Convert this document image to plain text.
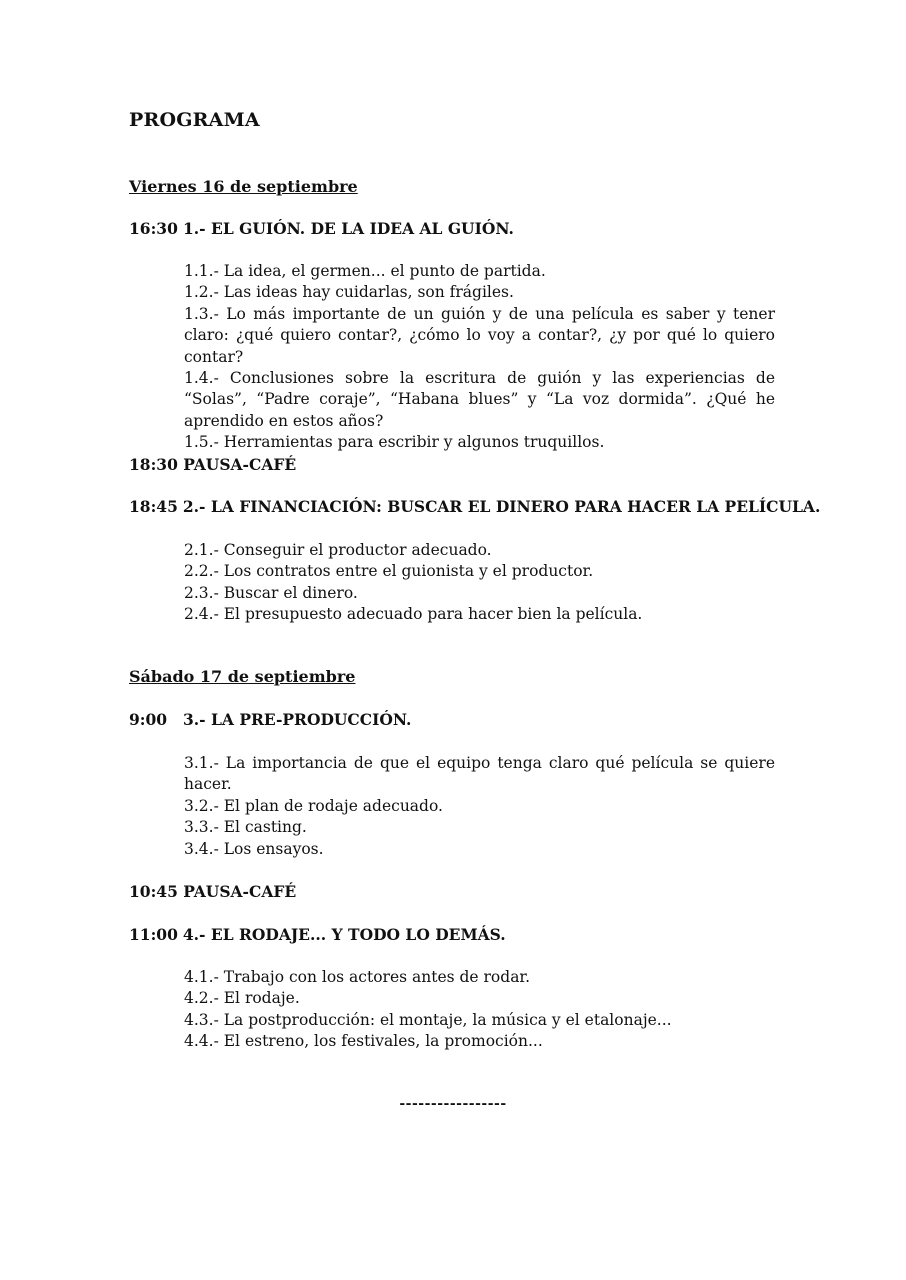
PROGRAMA
Viernes 16 de septiembre
16:30 1.- EL GUIÓN. DE LA IDEA AL GUIÓN.
1.1.- La idea, el germen... el punto de partida.
1.2.- Las ideas hay cuidarlas, son frágiles.
1.3.- Lo más importante de un guión y de una película es saber y tener claro: ¿qué quiero contar?, ¿cómo lo voy a contar?, ¿y por qué lo quiero contar?
1.4.- Conclusiones sobre la escritura de guión y las experiencias de “Solas”, “Padre coraje”, “Habana blues” y “La voz dormida”. ¿Qué he aprendido en estos años?
1.5.- Herramientas para escribir y algunos truquillos.
18:30 PAUSA-CAFÉ
18:45 2.- LA FINANCIACIÓN: BUSCAR EL DINERO PARA HACER LA PELÍCULA.
2.1.- Conseguir el productor adecuado.
2.2.- Los contratos entre el guionista y el productor.
2.3.- Buscar el dinero.
2.4.- El presupuesto adecuado para hacer bien la película.
Sábado 17 de septiembre
9:00 3.- LA PRE-PRODUCCIÓN.
3.1.- La importancia de que el equipo tenga claro qué película se quiere hacer.
3.2.- El plan de rodaje adecuado.
3.3.- El casting.
3.4.- Los ensayos.
10:45 PAUSA-CAFÉ
11:00 4.- EL RODAJE... Y TODO LO DEMÁS.
4.1.- Trabajo con los actores antes de rodar.
4.2.- El rodaje.
4.3.- La postproducción: el montaje, la música y el etalonaje...
4.4.- El estreno, los festivales, la promoción...
-----------------
